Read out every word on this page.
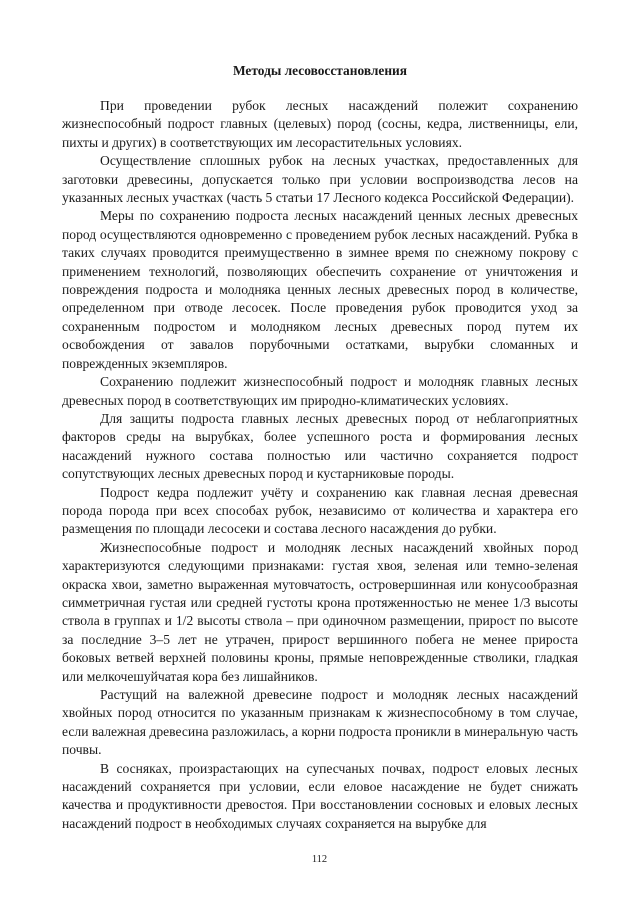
Методы лесовосстановления

При проведении рубок лесных насаждений полежит сохранению жизнеспособный подрост главных (целевых) пород (сосны, кедра, лиственницы, ели, пихты и других) в соответствующих им лесорастительных условиях.

Осуществление сплошных рубок на лесных участках, предоставленных для заготовки древесины, допускается только при условии воспроизводства лесов на указанных лесных участках (часть 5 статьи 17 Лесного кодекса Российской Федерации).

Меры по сохранению подроста лесных насаждений ценных лесных древесных пород осуществляются одновременно с проведением рубок лесных насаждений. Рубка в таких случаях проводится преимущественно в зимнее время по снежному покрову с применением технологий, позволяющих обеспечить сохранение от уничтожения и повреждения подроста и молодняка ценных лесных древесных пород в количестве, определенном при отводе лесосек. После проведения рубок проводится уход за сохраненным подростом и молодняком лесных древесных пород путем их освобождения от завалов порубочными остатками, вырубки сломанных и поврежденных экземпляров.

Сохранению подлежит жизнеспособный подрост и молодняк главных лесных древесных пород в соответствующих им природно-климатических условиях.

Для защиты подроста главных лесных древесных пород от неблагоприятных факторов среды на вырубках, более успешного роста и формирования лесных насаждений нужного состава полностью или частично сохраняется подрост сопутствующих лесных древесных пород и кустарниковые породы.

Подрост кедра подлежит учёту и сохранению как главная лесная древесная порода порода при всех способах рубок, независимо от количества и характера его размещения по площади лесосеки и состава лесного насаждения до рубки.

Жизнеспособные подрост и молодняк лесных насаждений хвойных пород характеризуются следующими признаками: густая хвоя, зеленая или темно-зеленая окраска хвои, заметно выраженная мутовчатость, островершинная или конусообразная симметричная густая или средней густоты крона протяженностью не менее 1/3 высоты ствола в группах и 1/2 высоты ствола – при одиночном размещении, прирост по высоте за последние 3–5 лет не утрачен, прирост вершинного побега не менее прироста боковых ветвей верхней половины кроны, прямые неповрежденные стволики, гладкая или мелкочешуйчатая кора без лишайников.

Растущий на валежной древесине подрост и молодняк лесных насаждений хвойных пород относится по указанным признакам к жизнеспособному в том случае, если валежная древесина разложилась, а корни подроста проникли в минеральную часть почвы.

В сосняках, произрастающих на супесчаных почвах, подрост еловых лесных насаждений сохраняется при условии, если еловое насаждение не будет снижать качества и продуктивности древостоя. При восстановлении сосновых и еловых лесных насаждений подрост в необходимых случаях сохраняется на вырубке для

112
